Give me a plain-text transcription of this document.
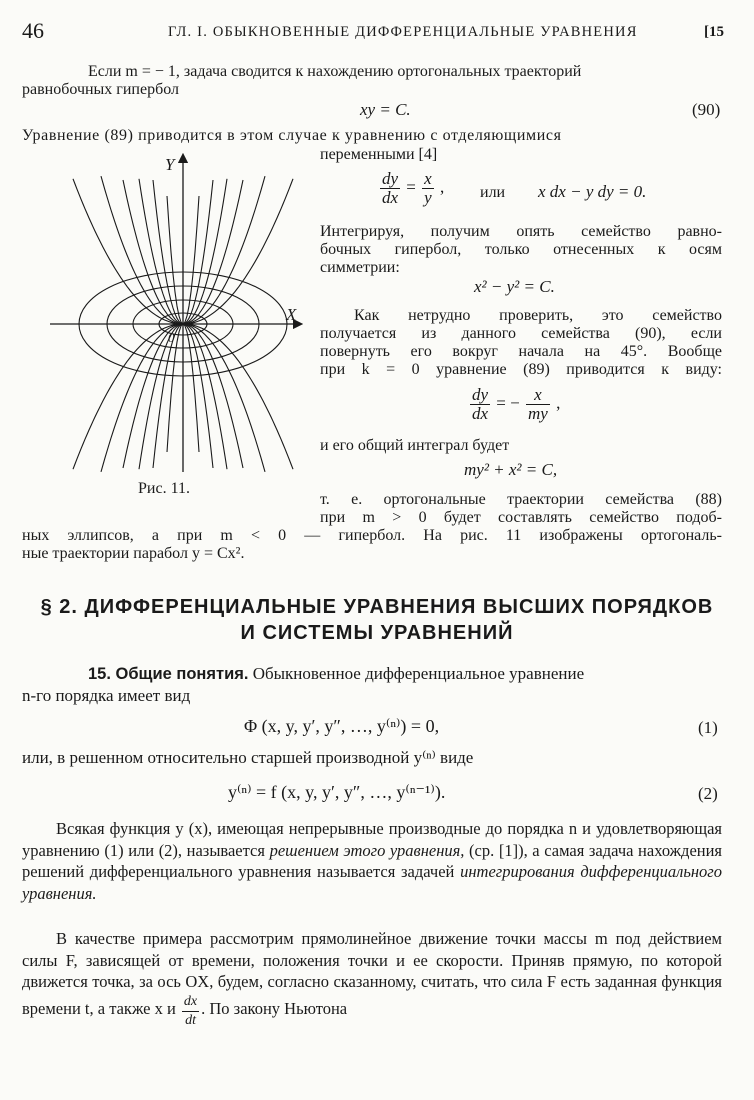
46	ГЛ. I. ОБЫКНОВЕННЫЕ ДИФФЕРЕНЦИАЛЬНЫЕ УРАВНЕНИЯ	[15
Если m = − 1, задача сводится к нахождению ортогональных траекторий
равнобочных гипербол
xy = C.	(90)
Уравнение (89) приводится в этом случае к уравнению с отделяющимися
переменными [4]
$\frac{dy}{dx} = \frac{x}{y}$ , или x dx − y dy = 0.
Интегрируя, получим опять семейство равно-
бочных гипербол, только отнесенных к осям
симметрии:
x² − y² = C.
Как нетрудно проверить, это семейство
получается из данного семейства (90), если
повернуть его вокруг начала на 45°. Вообще
при k = 0 уравнение (89) приводится к виду:
$\frac{dy}{dx}$ = − $\frac{x}{my}$ ,
и его общий интеграл будет
my² + x² = C,
т. е. ортогональные траектории семейства (88)
при m > 0 будет составлять семейство подоб-
ных эллипсов, а при m < 0 — гипербол. На рис. 11 изображены ортогональ-
ные траектории парабол y = Cx².
Y
X
0
Рис. 11.
§ 2. ДИФФЕРЕНЦИАЛЬНЫЕ УРАВНЕНИЯ ВЫСШИХ ПОРЯДКОВ
И СИСТЕМЫ УРАВНЕНИЙ
15. Общие понятия. Обыкновенное дифференциальное уравнение
n-го порядка имеет вид
Φ (x, y, y′, y″, …, y⁽ⁿ⁾) = 0,	(1)
или, в решенном относительно старшей производной y⁽ⁿ⁾ виде
y⁽ⁿ⁾ = f (x, y, y′, y″, …, y⁽ⁿ⁻¹⁾).	(2)
Всякая функция y (x), имеющая непрерывные производные до порядка n и удовлетворяющая уравнению (1) или (2), называется решением этого уравнения, (ср. [1]), а самая задача нахождения решений дифференциального уравнения называется задачей интегрирования дифференциального уравнения.
В качестве примера рассмотрим прямолинейное движение точки массы m под действием силы F, зависящей от времени, положения точки и ее скорости. Приняв прямую, по которой движется точка, за ось OX, будем, согласно сказанному, считать, что сила F есть заданная функция времени t, а также x и $\frac{dx}{dt}$ . По закону Ньютона
